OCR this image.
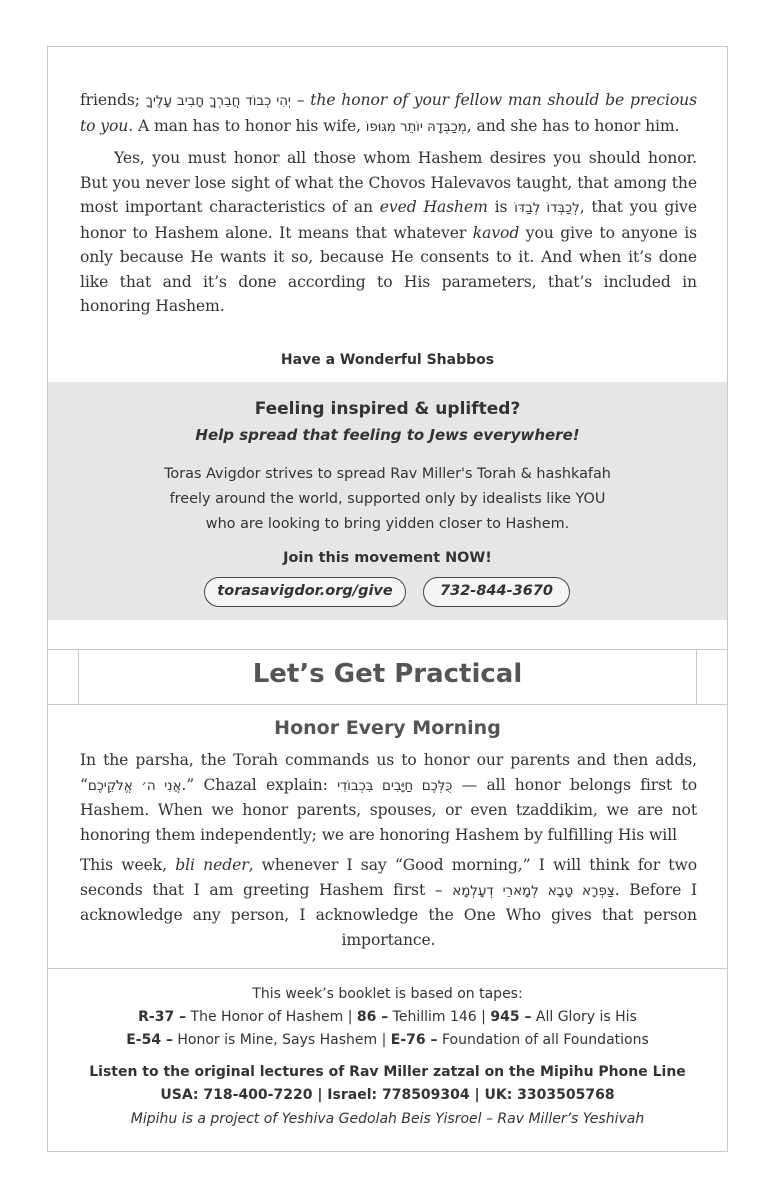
friends; יְהִי כְבוֹד חֲבֵרְךָ חָבִיב עָלֶיךָ – the honor of your fellow man should be precious to you. A man has to honor his wife, מְכַבְּדָהּ יוֹתֵר מִגּוּפוֹ, and she has to honor him.

Yes, you must honor all those whom Hashem desires you should honor. But you never lose sight of what the Chovos Halevavos taught, that among the most important characteristics of an eved Hashem is לְכַבְּדוֹ לְבַדּוֹ, that you give honor to Hashem alone. It means that whatever kavod you give to anyone is only because He wants it so, because He consents to it. And when it’s done like that and it’s done according to His parameters, that’s included in honoring Hashem.

Have a Wonderful Shabbos
Feeling inspired & uplifted?
Help spread that feeling to Jews everywhere!
Toras Avigdor strives to spread Rav Miller's Torah & hashkafah
freely around the world, supported only by idealists like YOU
who are looking to bring yidden closer to Hashem.
Join this movement NOW!
torasavigdor.org/give	732-844-3670
Let’s Get Practical
Honor Every Morning
In the parsha, the Torah commands us to honor our parents and then adds, “אֲנִי ה׳ אֱלֹקֵיכֶם.” Chazal explain: כֻּלְּכֶם חַיָּבִים בִּכְבוֹדִי — all honor belongs first to Hashem. When we honor parents, spouses, or even tzaddikim, we are not honoring them independently; we are honoring Hashem by fulfilling His will
This week, bli neder, whenever I say “Good morning,” I will think for two seconds that I am greeting Hashem first – צַפְרָא טָבָא לְמָארֵי דְעָלְמָא. Before I acknowledge any person, I acknowledge the One Who gives that person importance.
This week’s booklet is based on tapes:
R-37 – The Honor of Hashem | 86 – Tehillim 146 | 945 – All Glory is His
E-54 – Honor is Mine, Says Hashem | E-76 – Foundation of all Foundations
Listen to the original lectures of Rav Miller zatzal on the Mipihu Phone Line
USA: 718-400-7220 | Israel: 778509304 | UK: 3303505768
Mipihu is a project of Yeshiva Gedolah Beis Yisroel – Rav Miller’s Yeshivah
